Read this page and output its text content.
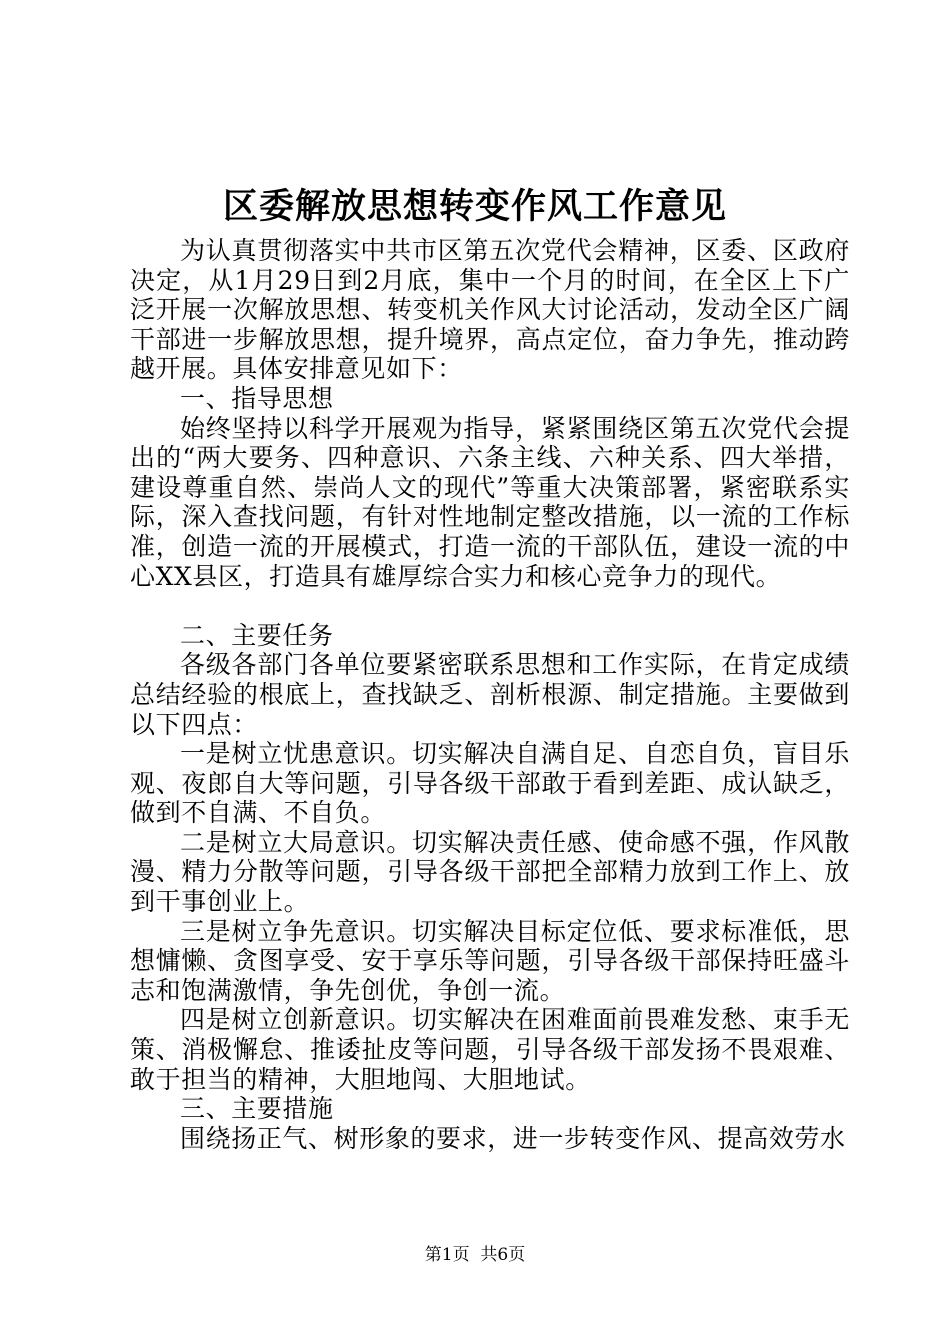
区委解放思想转变作风工作意见

为认真贯彻落实中共市区第五次党代会精神，区委、区政府决定，从1月29日到2月底，集中一个月的时间，在全区上下广泛开展一次解放思想、转变机关作风大讨论活动，发动全区广阔干部进一步解放思想，提升境界，高点定位，奋力争先，推动跨越开展。具体安排意见如下：

一、指导思想

始终坚持以科学开展观为指导，紧紧围绕区第五次党代会提出的“两大要务、四种意识、六条主线、六种关系、四大举措，建设尊重自然、崇尚人文的现代”等重大决策部署，紧密联系实际，深入查找问题，有针对性地制定整改措施，以一流的工作标准，创造一流的开展模式，打造一流的干部队伍，建设一流的中心XX县区，打造具有雄厚综合实力和核心竞争力的现代。

二、主要任务

各级各部门各单位要紧密联系思想和工作实际，在肯定成绩总结经验的根底上，查找缺乏、剖析根源、制定措施。主要做到以下四点：

一是树立忧患意识。切实解决自满自足、自恋自负，盲目乐观、夜郎自大等问题，引导各级干部敢于看到差距、成认缺乏，做到不自满、不自负。

二是树立大局意识。切实解决责任感、使命感不强，作风散漫、精力分散等问题，引导各级干部把全部精力放到工作上、放到干事创业上。

三是树立争先意识。切实解决目标定位低、要求标准低，思想慵懒、贪图享受、安于享乐等问题，引导各级干部保持旺盛斗志和饱满激情，争先创优，争创一流。

四是树立创新意识。切实解决在困难面前畏难发愁、束手无策、消极懈怠、推诿扯皮等问题，引导各级干部发扬不畏艰难、敢于担当的精神，大胆地闯、大胆地试。

三、主要措施

围绕扬正气、树形象的要求，进一步转变作风、提高效劳水

第1页  共6页
